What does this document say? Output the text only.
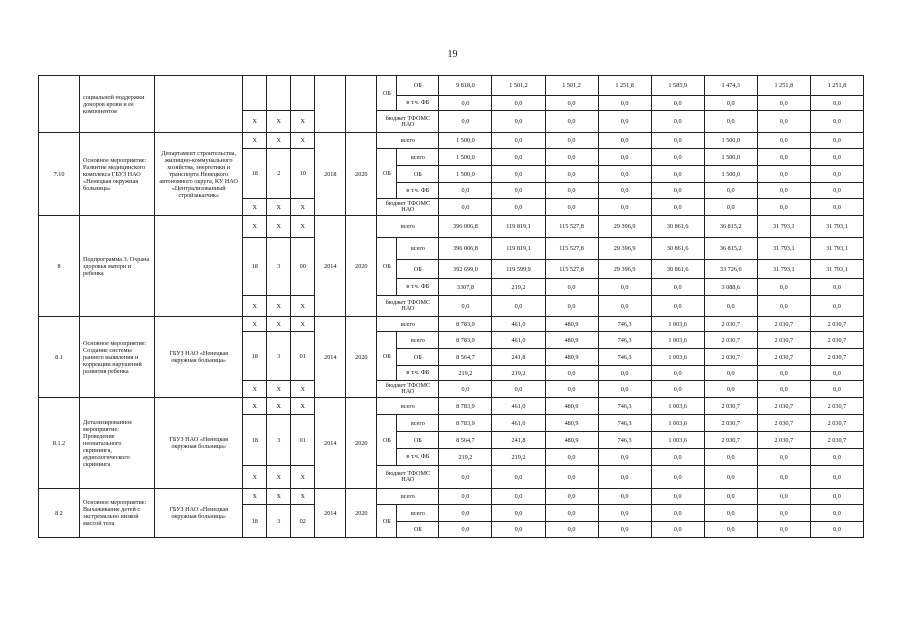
19
	социальной поддержки доноров крови и ее компонентов							ОБ	ОБ	9 818,0	1 501,2	1 501,2	1 251,8	1 585,9	1 474,3	1 251,8	1 251,8
									в т.ч. ФБ	0,0	0,0	0,0	0,0	0,0	0,0	0,0	0,0
			X	X	X			бюджет ТФОМС НАО		0,0	0,0	0,0	0,0	0,0	0,0	0,0	0,0
7.10	Основное мероприятие: Развитие медицинского комплекса ГБУЗ НАО «Ненецкая окружная больница»	Департамент строительства, жилищно-коммунального хозяйства, энергетики и транспорта Ненецкого автономного округа, КУ НАО «Централизованный стройзаказчик»	X	X	X	2018	2020	всего		1 500,0	0,0	0,0	0,0	0,0	1 500,0	0,0	0,0
			18	2	10			ОБ	всего	1 500,0	0,0	0,0	0,0	0,0	1 500,0	0,0	0,0
									ОБ	1 500,0	0,0	0,0	0,0	0,0	1 500,0	0,0	0,0
									в т.ч. ФБ	0,0	0,0	0,0	0,0	0,0	0,0	0,0	0,0
			X	X	X			бюджет ТФОМС НАО		0,0	0,0	0,0	0,0	0,0	0,0	0,0	0,0
8	Подпрограмма 3. Охрана здоровья матери и ребенка		X	X	X	2014	2020	всего		396 006,8	119 819,1	115 527,8	29 396,9	30 861,6	36 815,2	31 793,1	31 793,1
			18	3	00			ОБ	всего	396 006,8	119 819,1	115 527,8	29 396,9	30 861,6	36 815,2	31 793,1	31 793,1
									ОБ	392 699,0	119 599,9	115 527,8	29 396,9	30 861,6	33 726,6	31 793,1	31 793,1
									в т.ч. ФБ	3307,8	219,2	0,0	0,0	0,0	3 088,6	0,0	0,0
			X	X	X			бюджет ТФОМС НАО		0,0	0,0	0,0	0,0	0,0	0,0	0,0	0,0
8.1	Основное мероприятие: Создание системы раннего выявления и коррекции нарушений развития ребенка	ГБУЗ НАО «Ненецкая окружная больница»	X	X	X	2014	2020	всего		8 783,9	461,0	480,9	746,3	1 003,6	2 030,7	2 030,7	2 030,7
			18	3	01			ОБ	всего	8 783,9	461,0	480,9	746,3	1 003,6	2 030,7	2 030,7	2 030,7
									ОБ	8 564,7	241,8	480,9	746,3	1 003,6	2 030,7	2 030,7	2 030,7
									в т.ч. ФБ	219,2	219,2	0,0	0,0	0,0	0,0	0,0	0,0
			X	X	X			бюджет ТФОМС НАО		0,0	0,0	0,0	0,0	0,0	0,0	0,0	0,0
8.1.2	Детализированное мероприятие: Проведение неонатального скрининга, аудиологического скрининга	ГБУЗ НАО «Ненецкая окружная больница»	X	X	X	2014	2020	всего		8 783,9	461,0	480,9	746,3	1 003,6	2 030,7	2 030,7	2 030,7
			18	3	01			ОБ	всего	8 783,9	461,0	480,9	746,3	1 003,6	2 030,7	2 030,7	2 030,7
									ОБ	8 564,7	241,8	480,9	746,3	1 003,6	2 030,7	2 030,7	2 030,7
									в т.ч. ФБ	219,2	219,2	0,0	0,0	0,0	0,0	0,0	0,0
			X	X	X			бюджет ТФОМС НАО		0,0	0,0	0,0	0,0	0,0	0,0	0,0	0,0
8.2	Основное мероприятие: Выхаживание детей с экстремально низкой массой тела	ГБУЗ НАО «Ненецкая окружная больница»	X	X	X	2014	2020	всего		0,0	0,0	0,0	0,0	0,0	0,0	0,0	0,0
			18	3	02			ОБ	всего	0,0	0,0	0,0	0,0	0,0	0,0	0,0	0,0
									ОБ	0,0	0,0	0,0	0,0	0,0	0,0	0,0	0,0
